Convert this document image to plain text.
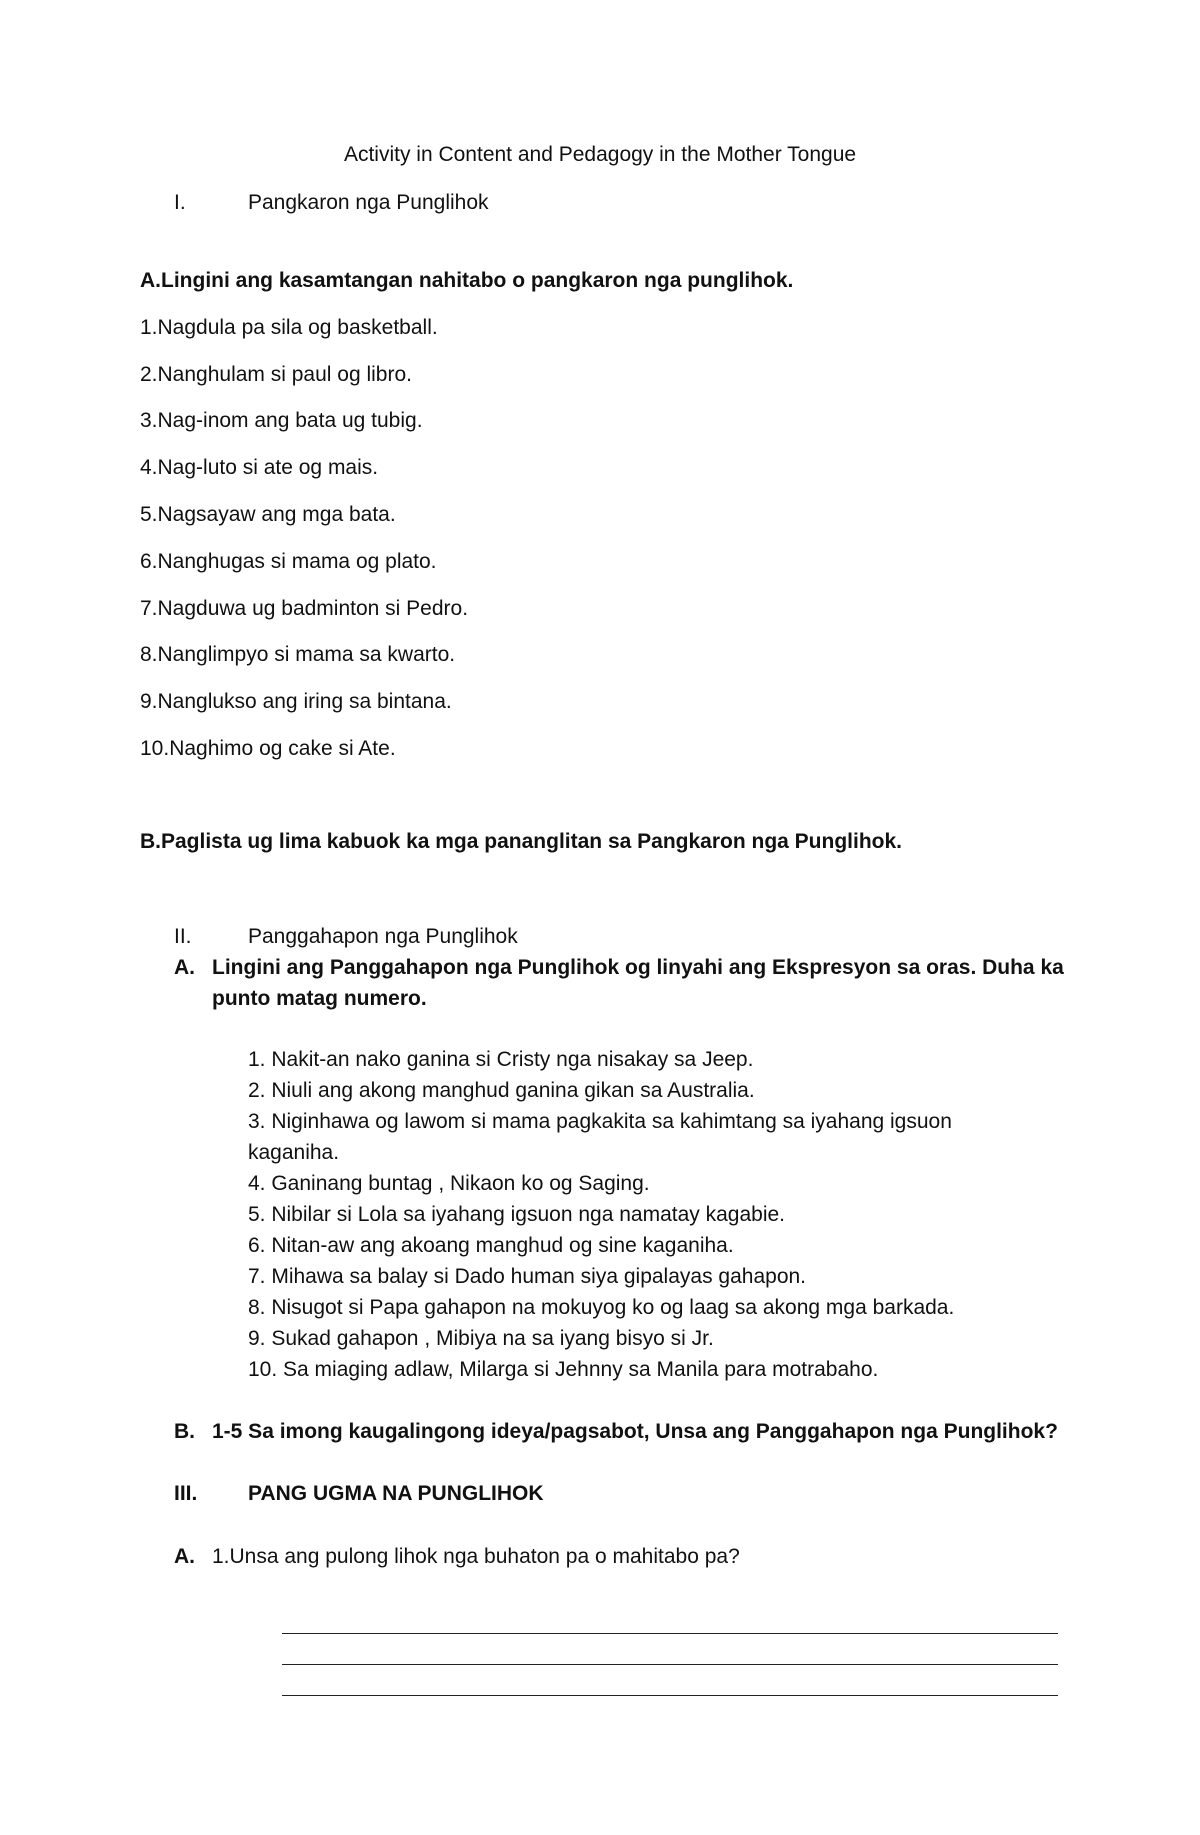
Activity in Content and Pedagogy in the Mother Tongue
I.	Pangkaron nga Punglihok
A.Lingini ang kasamtangan nahitabo o pangkaron nga punglihok.
1.Nagdula pa sila og basketball.
2.Nanghulam si paul og libro.
3.Nag-inom ang bata ug tubig.
4.Nag-luto si ate og mais.
5.Nagsayaw ang mga bata.
6.Nanghugas si mama og plato.
7.Nagduwa ug badminton si Pedro.
8.Nanglimpyo si mama sa kwarto.
9.Nanglukso ang iring sa bintana.
10.Naghimo og cake si Ate.
B.Paglista ug lima kabuok ka mga pananglitan sa Pangkaron nga Punglihok.
II.	Panggahapon nga Punglihok
A. Lingini ang Panggahapon nga Punglihok og linyahi ang Ekspresyon sa oras. Duha ka
punto matag numero.
1. Nakit-an nako ganina si Cristy nga nisakay sa Jeep.
2. Niuli ang akong manghud ganina gikan sa Australia.
3. Niginhawa og lawom si mama pagkakita sa kahimtang sa iyahang igsuon
kaganiha.
4. Ganinang buntag , Nikaon ko og Saging.
5. Nibilar si Lola sa iyahang igsuon nga namatay kagabie.
6. Nitan-aw ang akoang manghud og sine kaganiha.
7. Mihawa sa balay si Dado human siya gipalayas gahapon.
8. Nisugot si Papa gahapon na mokuyog ko og laag sa akong mga barkada.
9. Sukad gahapon , Mibiya na sa iyang bisyo si Jr.
10. Sa miaging adlaw, Milarga si Jehnny sa Manila para motrabaho.
B. 1-5 Sa imong kaugalingong ideya/pagsabot, Unsa ang Panggahapon nga Punglihok?
III. PANG UGMA NA PUNGLIHOK
A. 1.Unsa ang pulong lihok nga buhaton pa o mahitabo pa?
